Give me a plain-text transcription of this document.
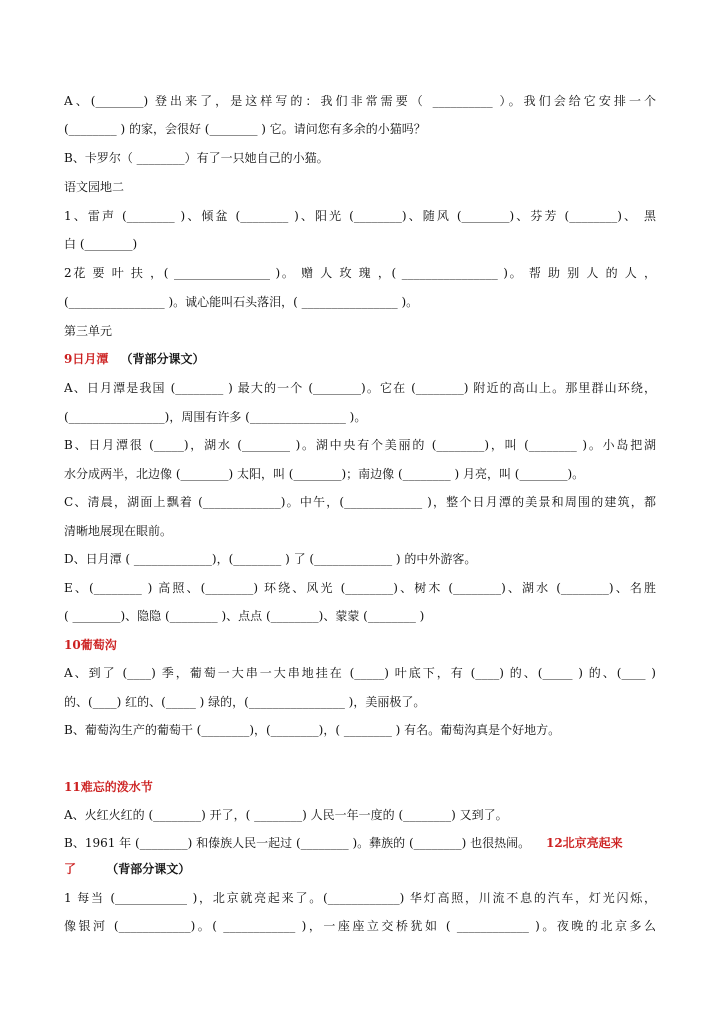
A、(________) 登出来了，是这样写的：我们非常需要（ __________ ）。我们会给它安排一个
(________ ) 的家，会很好 (________ ) 它。请问您有多余的小猫吗？
B、卡罗尔（ ________）有了一只她自己的小猫。
语文园地二
1、雷声 (________ )、倾盆 (________ )、阳光 (________)、随风 (________)、芬芳 (________)、 黑
白 (________)
2花 要 叶 扶 ，( ________________ )。 赠 人 玫 瑰 ，( ________________ )。 帮 助 别 人 的 人 ，
(________________ )。诚心能叫石头落泪，( ________________ )。
第三单元
9日月潭 （背部分课文）
A、日月潭是我国 (________ ) 最大的一个 (________)。它在 (________) 附近的高山上。那里群山环绕，
(________________)，周围有许多 (________________ )。
B、日月潭很 (_____)，湖水 (________ )。湖中央有个美丽的 (________)，叫 (________ )。小岛把湖
水分成两半，北边像 (________) 太阳，叫 (________)；南边像 (________ ) 月亮，叫 (________)。
C、清晨，湖面上飘着 (_____________)。中午，(_____________ )，整个日月潭的美景和周围的建筑，都
清晰地展现在眼前。
D、日月潭 ( _____________)，(________ ) 了 (_____________ ) 的中外游客。
E、(________ ) 高照、(________) 环绕、风光 (________)、树木 (________)、湖水 (________)、名胜
( ________)、隐隐 (________ )、点点 (________)、蒙蒙 (________ )
10葡萄沟
A、到了 (____) 季，葡萄一大串一大串地挂在 (_____) 叶底下，有 (____) 的、(_____ ) 的、(____ )
的、(____) 红的、(_____ ) 绿的，(________________ )，美丽极了。
B、葡萄沟生产的葡萄干 (________)，(________)，( ________ ) 有名。葡萄沟真是个好地方。
11难忘的泼水节
A、火红火红的 (________) 开了，( ________) 人民一年一度的 (________) 又到了。
B、1961 年 (________) 和傣族人民一起过 (________ )。彝族的 (________) 也很热闹。 12北京亮起来
了	（背部分课文）
1 每当 (____________ )，北京就亮起来了。(____________) 华灯高照，川流不息的汽车，灯光闪烁，
像银河 (____________)。( ____________ )，一座座立交桥犹如 ( ____________ )。夜晚的北京多么
